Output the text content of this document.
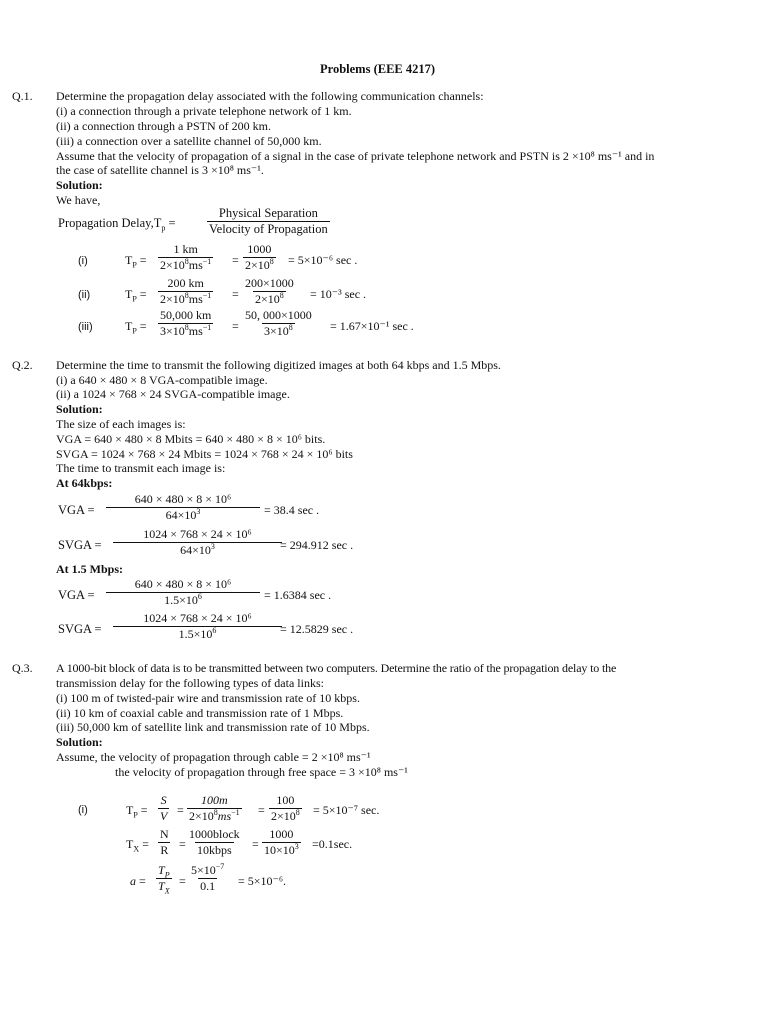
Problems (EEE 4217)
Q.1. Determine the propagation delay associated with the following communication channels:
(i) a connection through a private telephone network of 1 km.
(ii) a connection through a PSTN of 200 km.
(iii) a connection over a satellite channel of 50,000 km.
Assume that the velocity of propagation of a signal in the case of private telephone network and PSTN is 2 ×10⁸ ms⁻¹ and in
the case of satellite channel is 3 ×10⁸ ms⁻¹.
Solution:
We have,
Propagation $Delay,T_p$ =
Physical Separation
Velocity of Propagation
(i)	$T_P = \frac{1 km}{2\times 10^8ms^{-1}} = \frac{1000}{2\times 10^8} = 5\times 10^{-6}$ sec .
(ii)	$T_P = \frac{200 km}{2\times 10^8ms^{-1}} = \frac{200\times 1000}{2\times 10^8} = 10^{-3}$ sec .
(iii)	$T_P = \frac{50,000 km}{3\times 10^8ms^{-1}} = \frac{50, 000\times 1000}{3\times 10^8} = 1.67\times 10^{-1}$ sec .
Q.2. Determine the time to transmit the following digitized images at both 64 kbps and 1.5 Mbps.
(i) a 640 × 480 × 8 VGA-compatible image.
(ii) a 1024 × 768 × 24 SVGA-compatible image.
Solution:
The size of each images is:
VGA = 640 × 480 × 8 Mbits = 640 × 480 × 8 × 10⁶ bits.
SVGA = 1024 × 768 × 24 Mbits = 1024 × 768 × 24 × 10⁶ bits
The time to transmit each image is:
At 64kbps:
VGA = $\frac{\text{640 × 480 × 8 × 10⁶}}{64\times 10^3} = 38.4$ sec .
SVGA = $\frac{\text{1024 × 768 × 24 × 10⁶}}{64\times 10^3}$
= 294.912 sec .
At 1.5 Mbps:
VGA = $\frac{\text{640 × 480 × 8 × 10⁶}}{1.5\times 10^6} = 1.6384$ sec .
SVGA = $\frac{\text{1024 × 768 × 24 × 10⁶}}{1.5\times 10^6}$
= 12.5829 sec .
Q.3. A 1000-bit block of data is to be transmitted between two computers. Determine the ratio of the propagation delay to the
transmission delay for the following types of data links:
(i) 100 m of twisted-pair wire and transmission rate of 10 kbps.
(ii) 10 km of coaxial cable and transmission rate of 1 Mbps.
(iii) 50,000 km of satellite link and transmission rate of 10 Mbps.
Solution:
Assume, the velocity of propagation through cable = 2 ×10⁸ ms⁻¹
the velocity of propagation through free space = 3 ×10⁸ ms⁻¹
(i)	$T_P = \frac{S}{V} = \frac{100m}{2\times 10^8ms^{-1}} = \frac{100}{2\times 10^8} = 5\times 10^{-7}$ sec.
$T_X = \frac{N}{R}$ =
1000block
10kbps = $\frac{1000}{10\times 10^3} =0.1\sec$.
$a = \frac{T_P}{T_X} = \frac{5\times 10^{-7}}{0.1} = 5\times 10^{-6}$.
